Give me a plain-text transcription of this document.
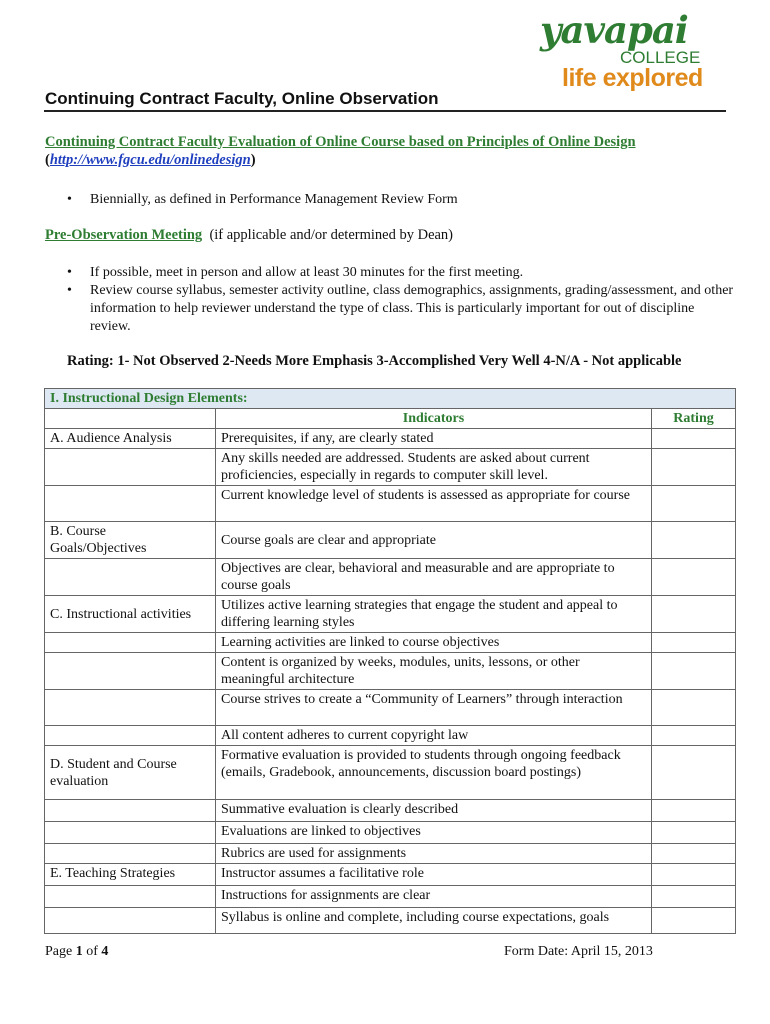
yavapai
COLLEGE
life explored
Continuing Contract Faculty, Online Observation
Continuing Contract Faculty Evaluation of Online Course based on Principles of Online Design
(http://www.fgcu.edu/onlinedesign)
• Biennially, as defined in Performance Management Review Form
Pre-Observation Meeting (if applicable and/or determined by Dean)
• If possible, meet in person and allow at least 30 minutes for the first meeting.
• Review course syllabus, semester activity outline, class demographics, assignments, grading/assessment, and other information to help reviewer understand the type of class. This is particularly important for out of discipline review.
Rating: 1- Not Observed 2-Needs More Emphasis 3-Accomplished Very Well 4-N/A - Not applicable
I. Instructional Design Elements:		
	Indicators	Rating
A. Audience Analysis	Prerequisites, if any, are clearly stated	
	Any skills needed are addressed. Students are asked about current proficiencies, especially in regards to computer skill level.	
	Current knowledge level of students is assessed as appropriate for course	
B. Course
Goals/Objectives	Course goals are clear and appropriate	
	Objectives are clear, behavioral and measurable and are appropriate to course goals	
C. Instructional activities	Utilizes active learning strategies that engage the student and appeal to differing learning styles	
	Learning activities are linked to course objectives	
	Content is organized by weeks, modules, units, lessons, or other meaningful architecture	
	Course strives to create a “Community of Learners” through interaction	
	All content adheres to current copyright law	
D. Student and Course
evaluation	Formative evaluation is provided to students through ongoing feedback (emails, Gradebook, announcements, discussion board postings)	
	Summative evaluation is clearly described	
	Evaluations are linked to objectives	
	Rubrics are used for assignments	
E. Teaching Strategies	Instructor assumes a facilitative role	
	Instructions for assignments are clear	
	Syllabus is online and complete, including course expectations, goals	
Page 1 of 4	Form Date: April 15, 2013
